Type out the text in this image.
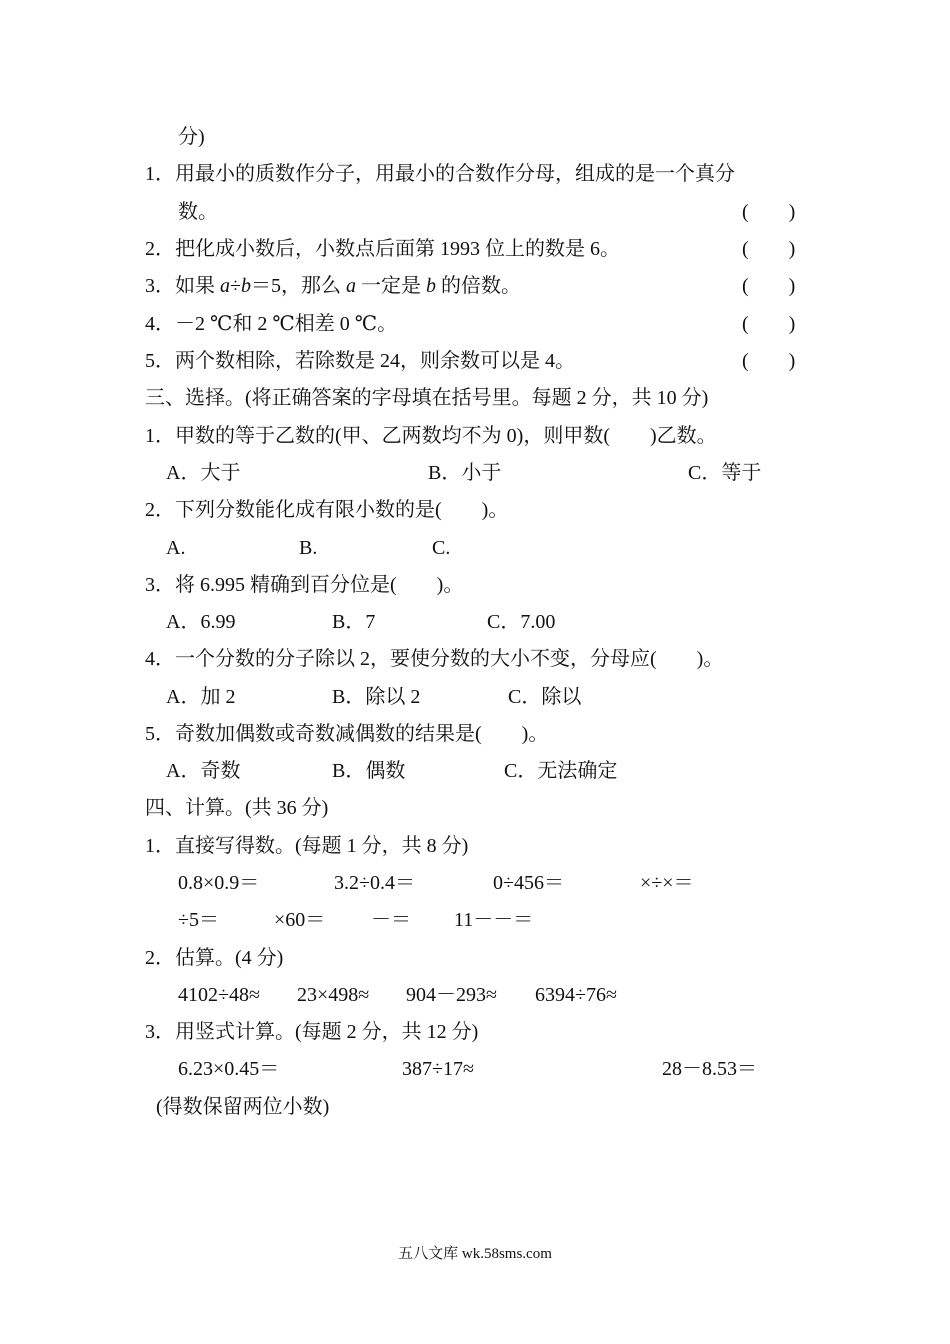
分)
1．用最小的质数作分子，用最小的合数作分母，组成的是一个真分
数。	(　　)
2．把化成小数后，小数点后面第 1993 位上的数是 6。	(　　)
3．如果 a÷b＝5，那么 a 一定是 b 的倍数。	(　　)
4．－2 ℃和 2 ℃相差 0 ℃。	(　　)
5．两个数相除，若除数是 24，则余数可以是 4。	(　　)
三、选择。(将正确答案的字母填在括号里。每题 2 分，共 10 分)
1．甲数的等于乙数的(甲、乙两数均不为 0)，则甲数(　　)乙数。
A．大于	B．小于	C．等于
2．下列分数能化成有限小数的是(　　)。
A.	B.	C.
3．将 6.995 精确到百分位是(　　)。
A．6.99	B．7	C．7.00
4．一个分数的分子除以 2，要使分数的大小不变，分母应(　　)。
A．加 2	B．除以 2	C．除以
5．奇数加偶数或奇数减偶数的结果是(　　)。
A．奇数	B．偶数	C．无法确定
四、计算。(共 36 分)
1．直接写得数。(每题 1 分，共 8 分)
0.8×0.9＝	3.2÷0.4＝	0÷456＝	×÷×＝
÷5＝	×60＝ －＝ 11－－＝
2．估算。(4 分)
4102÷48≈ 23×498≈ 904－293≈ 6394÷76≈
3．用竖式计算。(每题 2 分，共 12 分)
6.23×0.45＝	387÷17≈	28－8.53＝
(得数保留两位小数)
五八文库 wk.58sms.com
